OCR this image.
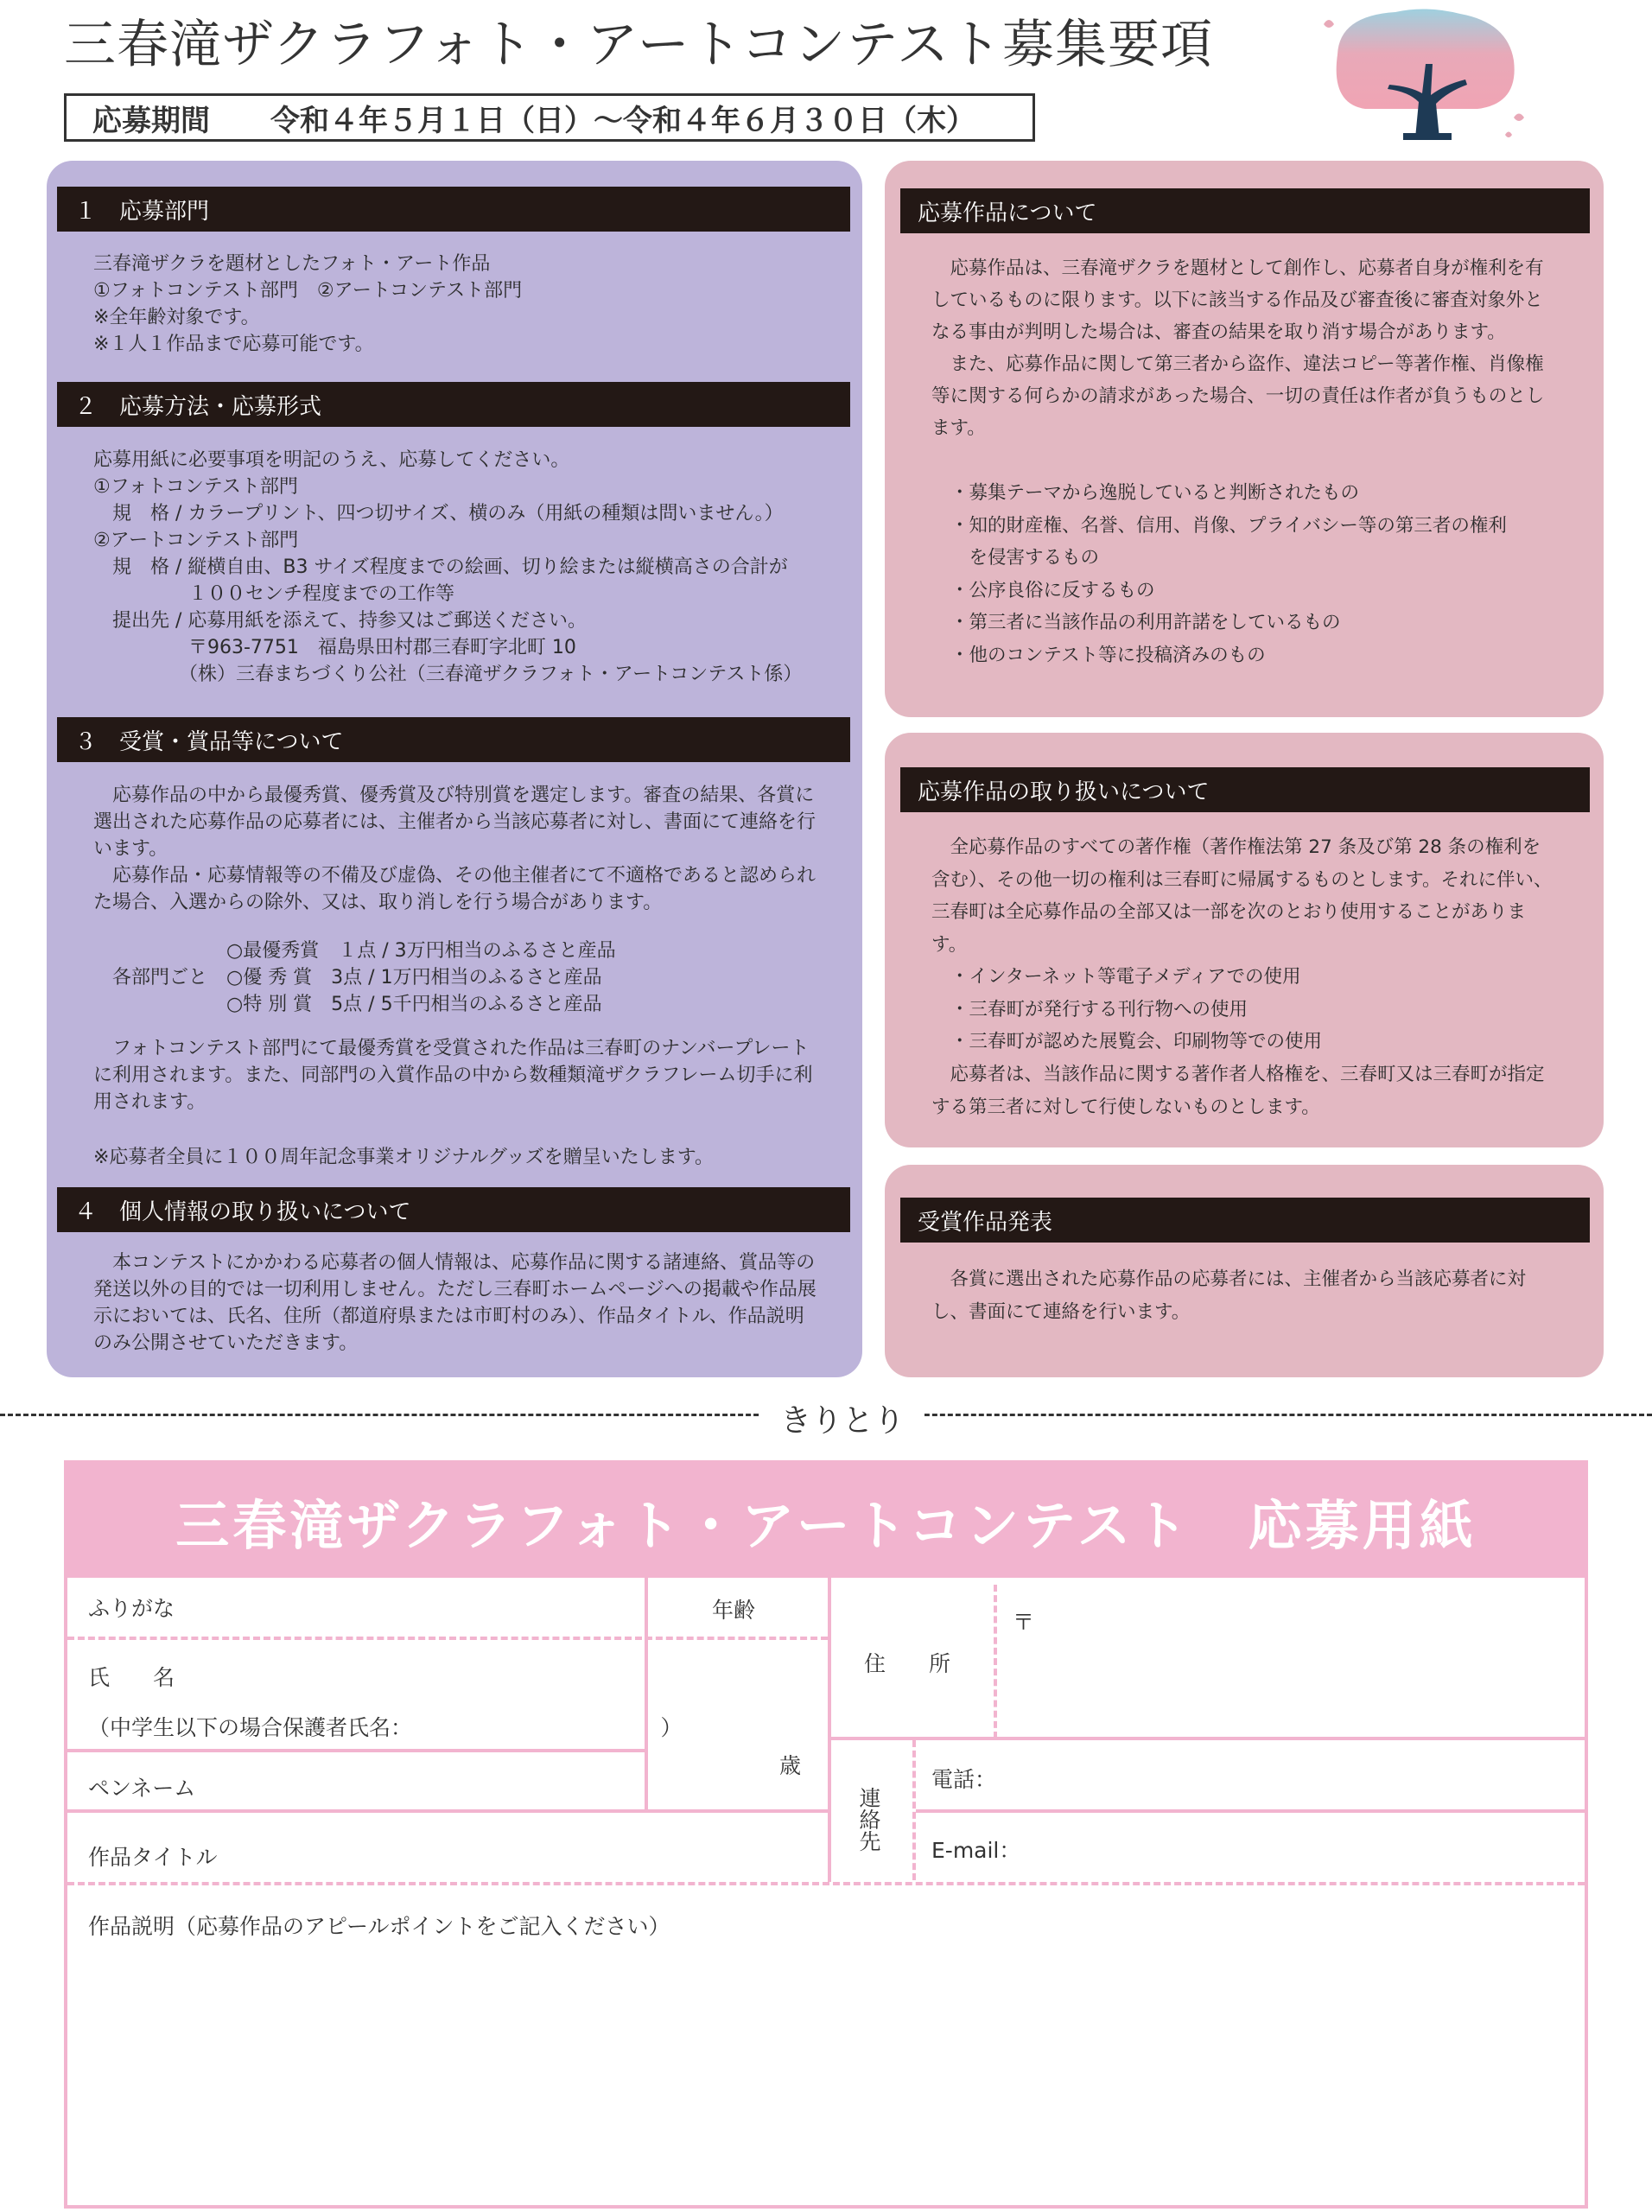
三春滝ザクラフォト・アートコンテスト募集要項
応募期間 令和４年５月１日（日）～令和４年６月３０日（木）
１　応募部門

三春滝ザクラを題材としたフォト・アート作品

①フォトコンテスト部門　②アートコンテスト部門

※全年齢対象です。

※１人１作品まで応募可能です。

２　応募方法・応募形式

応募用紙に必要事項を明記のうえ、応募してください。

①フォトコンテスト部門

　規　格 / カラープリント、四つ切サイズ、横のみ（用紙の種類は問いません。）

②アートコンテスト部門

　規　格 / 縦横自由、B3 サイズ程度までの絵画、切り絵または縦横高さの合計が

　　　　　１００センチ程度までの工作等

　提出先 / 応募用紙を添えて、持参又はご郵送ください。

　　　　　〒963-7751　福島県田村郡三春町字北町 10

　　　　　（株）三春まちづくり公社（三春滝ザクラフォト・アートコンテスト係）

３　受賞・賞品等について

応募作品の中から最優秀賞、優秀賞及び特別賞を選定します。審査の結果、各賞に選出された応募作品の応募者には、主催者から当該応募者に対し、書面にて連絡を行います。

応募作品・応募情報等の不備及び虚偽、その他主催者にて不適格であると認められた場合、入選からの除外、又は、取り消しを行う場合があります。

各部門ごと

○最優秀賞　１点 / 3万円相当のふるさと産品

○優 秀 賞　3点 / 1万円相当のふるさと産品

○特 別 賞　5点 / 5千円相当のふるさと産品

フォトコンテスト部門にて最優秀賞を受賞された作品は三春町のナンバープレートに利用されます。また、同部門の入賞作品の中から数種類滝ザクラフレーム切手に利用されます。

※応募者全員に１００周年記念事業オリジナルグッズを贈呈いたします。
４　個人情報の取り扱いについて

本コンテストにかかわる応募者の個人情報は、応募作品に関する諸連絡、賞品等の発送以外の目的では一切利用しません。ただし三春町ホームページへの掲載や作品展示においては、氏名、住所（都道府県または市町村のみ）、作品タイトル、作品説明のみ公開させていただきます。

応募作品について

応募作品は、三春滝ザクラを題材として創作し、応募者自身が権利を有しているものに限ります。以下に該当する作品及び審査後に審査対象外となる事由が判明した場合は、審査の結果を取り消す場合があります。

また、応募作品に関して第三者から盗作、違法コピー等著作権、肖像権等に関する何らかの請求があった場合、一切の責任は作者が負うものとします。

・募集テーマから逸脱していると判断されたもの

・知的財産権、名誉、信用、肖像、プライバシー等の第三者の権利

　を侵害するもの

・公序良俗に反するもの

・第三者に当該作品の利用許諾をしているもの

・他のコンテスト等に投稿済みのもの

応募作品の取り扱いについて

全応募作品のすべての著作権（著作権法第 27 条及び第 28 条の権利を含む）、その他一切の権利は三春町に帰属するものとします。それに伴い、三春町は全応募作品の全部又は一部を次のとおり使用することがあります。

・インターネット等電子メディアでの使用

・三春町が発行する刊行物への使用

・三春町が認めた展覧会、印刷物等での使用

応募者は、当該作品に関する著作者人格権を、三春町又は三春町が指定する第三者に対して行使しないものとします。

受賞作品発表

各賞に選出された応募作品の応募者には、主催者から当該応募者に対し、書面にて連絡を行います。

きりとり
三春滝ザクラフォト・アートコンテスト　応募用紙
ふりがな	年齢
歳
氏　　名
（中学生以下の場合保護者氏名：　　　　　　　　　　　　）
ペンネーム
住　　所
〒
連絡先
電話：
E-mail：
作品タイトル
作品説明（応募作品のアピールポイントをご記入ください）
